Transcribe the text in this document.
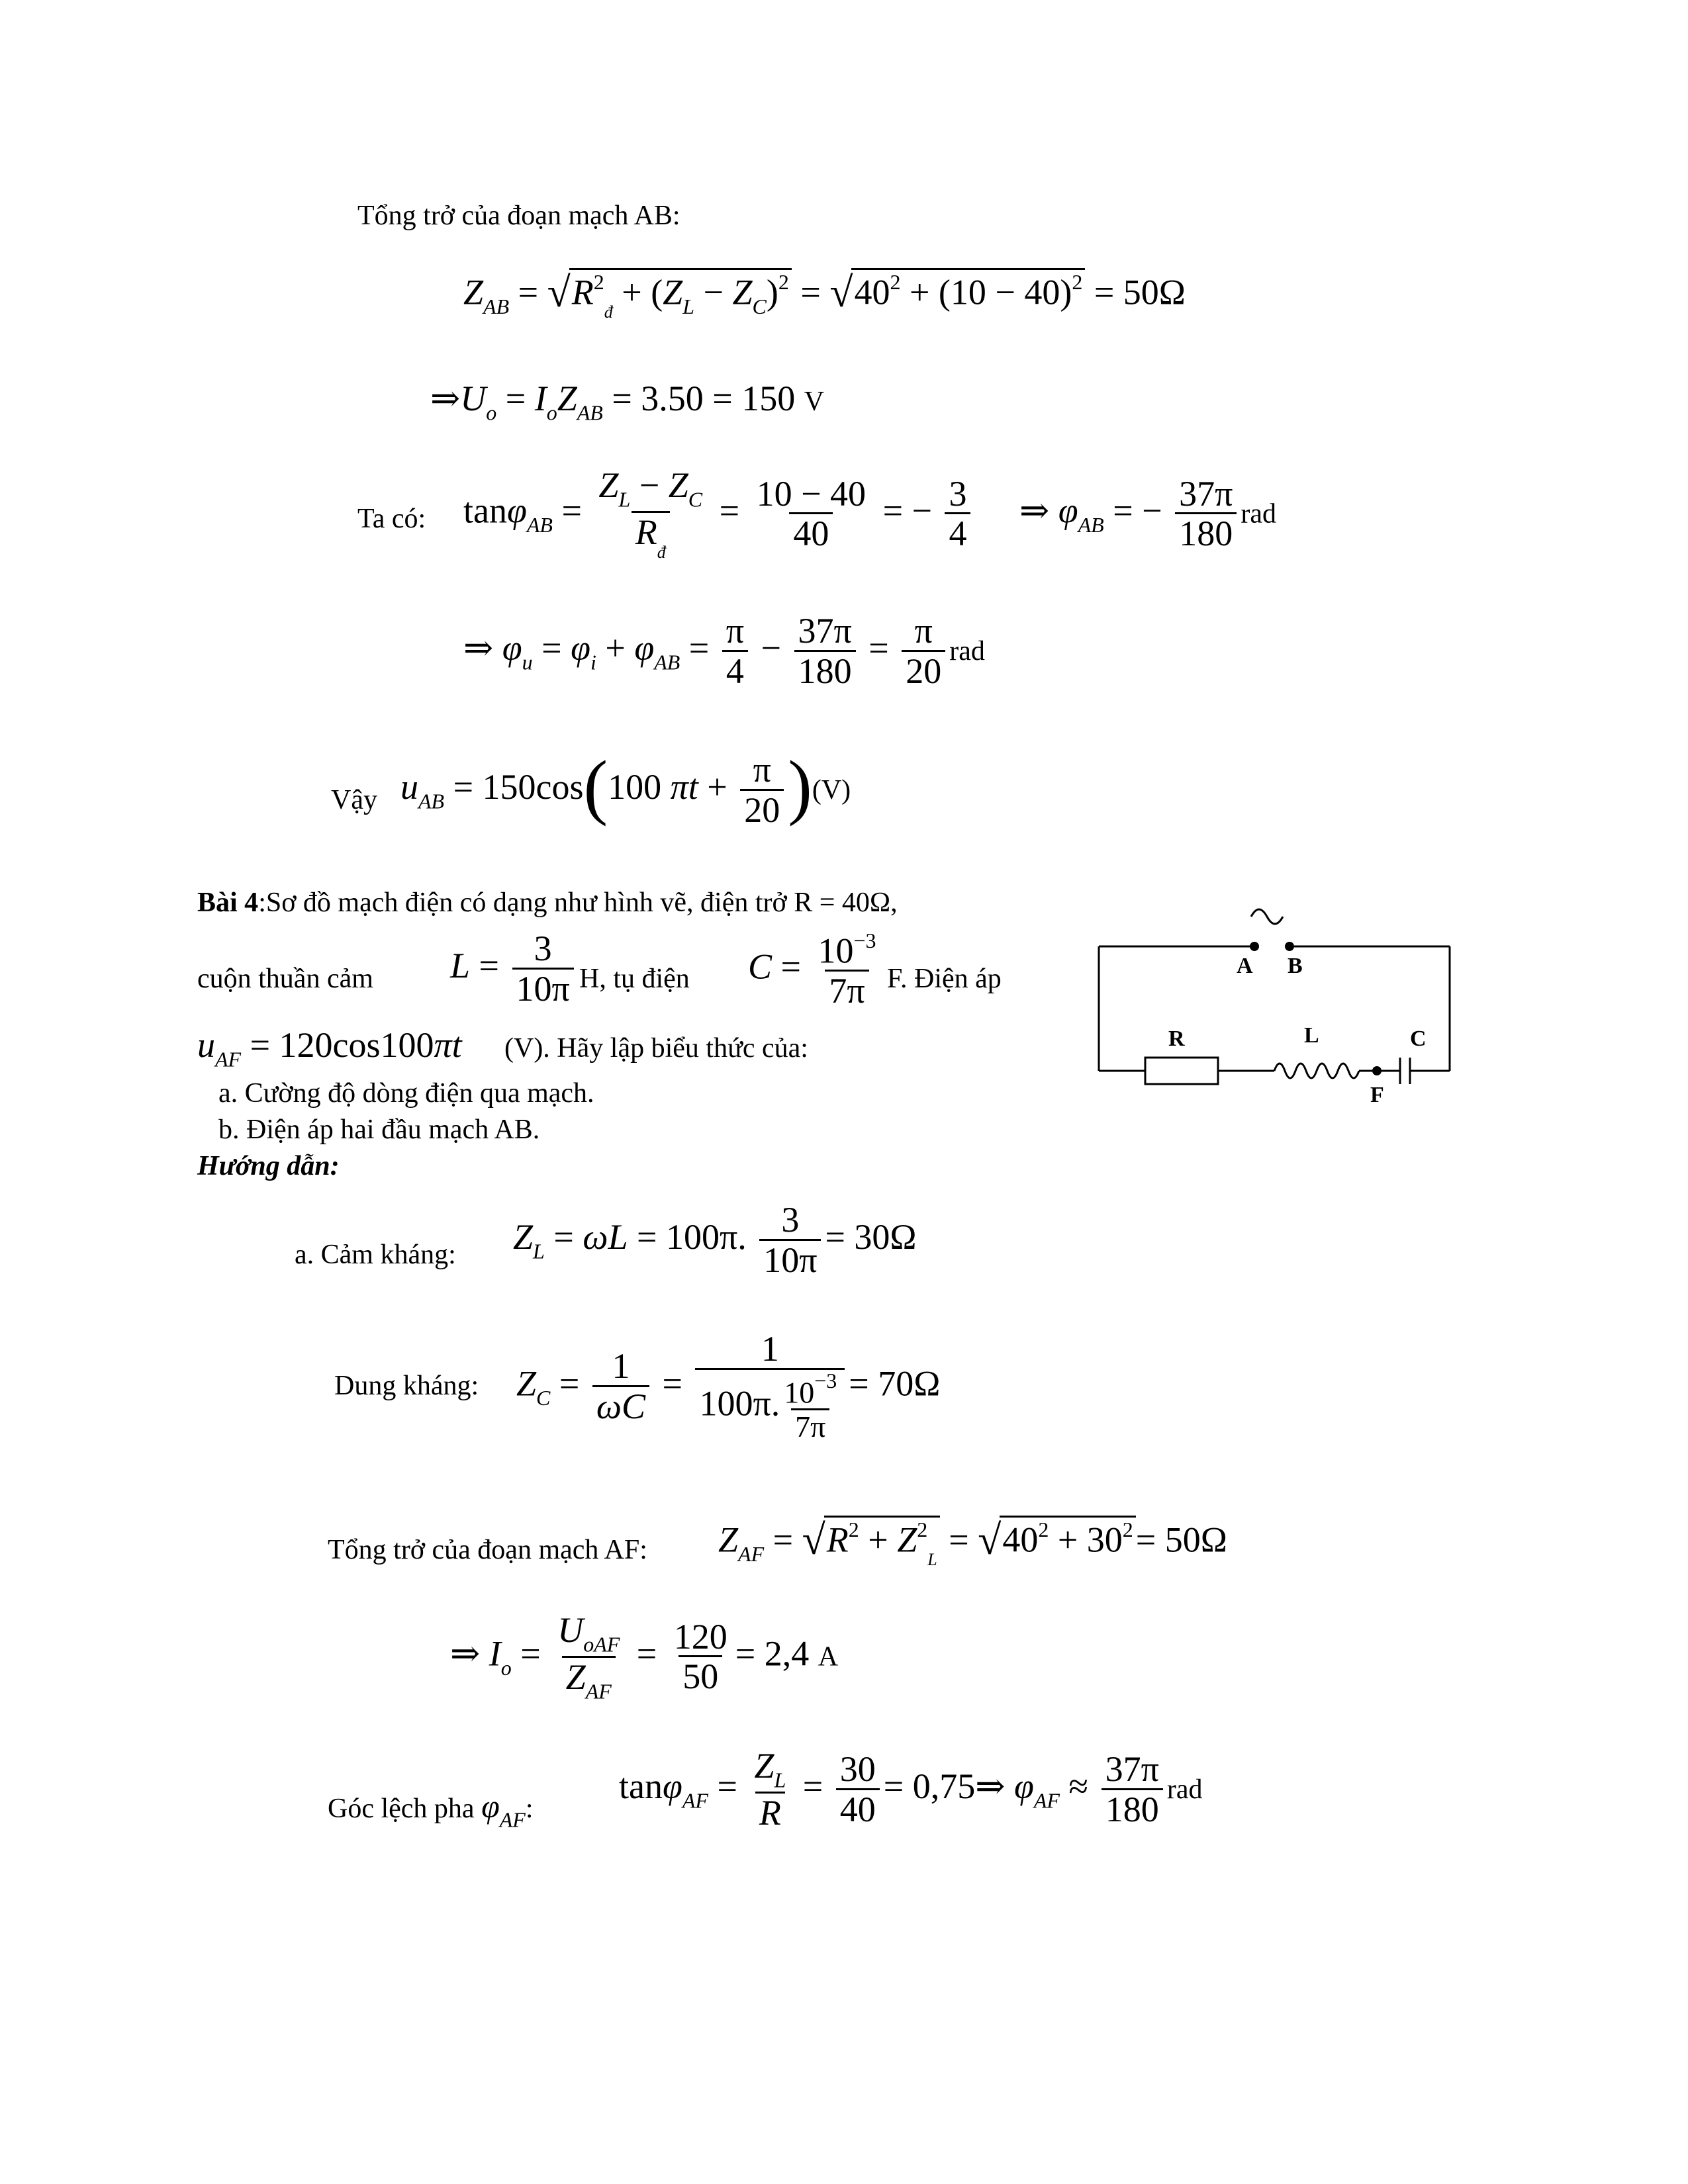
Tổng trở của đoạn mạch AB:
$Z_{AB} = √R^2_đ + (Z_L - Z_C)^2 = √40^2 + (10 - 40)^2 = 50\Omega$
$\Rightarrow U_o = I_oZ_{AB} = 3.50 = 150$ V
Ta có: $\tan\varphi_{AB} = \frac{Z_L - Z_C}{R_đ} = \frac{10 - 40}{40}$ = − $\frac{3}{4}$ ⇒ $\varphi_{AB}$ = − $\frac{37\pi}{180}$ rad
⇒ $\varphi_u = \varphi_i + \varphi_{AB} = \frac{\pi}{4} - \frac{37\pi}{180} = \frac{\pi}{20}$ rad
Vậy $u_{AB} = 150\cos(100$ $\pi t + \frac{\pi}{20} )(V)$
Bài 4:Sơ đồ mạch điện có dạng như hình vẽ, điện trở R = 40Ω,
cuộn thuần cảm $L = \frac{3}{10\pi} H$, tụ điện $C = \frac{10^{-3}}{7\pi} F$. Điện áp
$u_{AF} = 120\cos 100\pi t$ (V). Hãy lập biểu thức của:
a. Cường độ dòng điện qua mạch.
b. Điện áp hai đầu mạch AB.
Hướng dẫn:
A B
R	L	C
F
a. Cảm kháng: $Z_L = \omega L = 100\pi$. $\frac{3}{10\pi} = 30\Omega$
Dung kháng: $Z_C = \frac{1}{\omega C} = \frac{1}{100\pi. \frac{10^{-3}}{7\pi}} = 70\Omega$
Tổng trở của đoạn mạch AF: $Z_{AF} = √R^2 + Z^2_L = √40^2 + 30^2= 50\Omega$
⇒ $I_o = \frac{U_{oAF}}{Z_{AF}} = \frac{120}{50} = 2,4$ A
Góc lệch pha $\varphi_{AF}$:
$\tan\varphi_{AF} = \frac{Z_L}{R} = \frac{30}{40}$ = 0,75⇒ $\varphi_{AF} \approx \frac{37\pi}{180}$ rad
